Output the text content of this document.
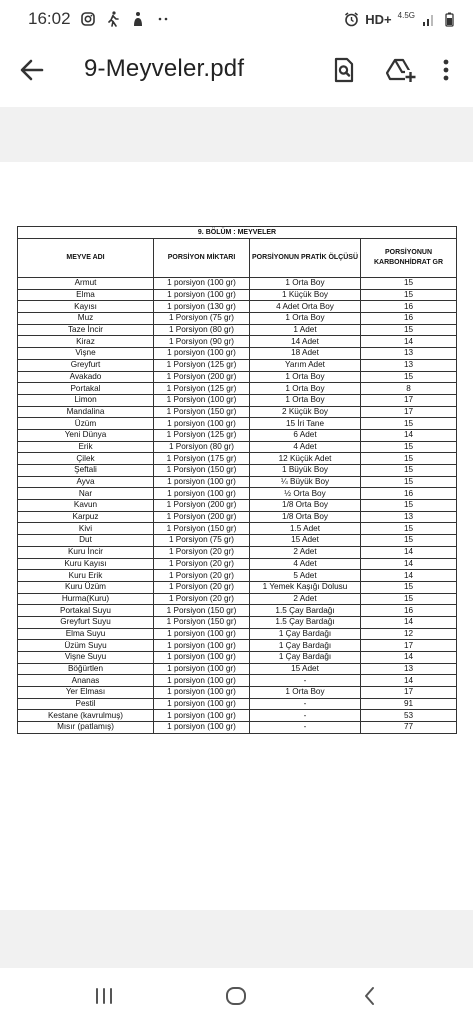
16:02	HD+ 4.5G
9-Meyveler.pdf
9. BÖLÜM : MEYVELER			
MEYVE ADI	PORSİYON MİKTARI	PORSİYONUN PRATİK ÖLÇÜSÜ	PORSİYONUN KARBONHİDRAT GR
Armut	1 porsiyon (100 gr)	1 Orta Boy	15
Elma	1 porsiyon (100 gr)	1 Küçük Boy	15
Kayısı	1 porsiyon (130 gr)	4 Adet Orta Boy	16
Muz	1 Porsiyon (75 gr)	1 Orta Boy	16
Taze İncir	1 Porsiyon (80 gr)	1 Adet	15
Kiraz	1 Porsiyon (90 gr)	14 Adet	14
Vişne	1 porsiyon (100 gr)	18 Adet	13
Greyfurt	1 Porsiyon (125 gr)	Yarım Adet	13
Avakado	1 Porsiyon (200 gr)	1 Orta Boy	15
Portakal	1 Porsiyon (125 gr)	1 Orta Boy	8
Limon	1 Porsiyon (100 gr)	1 Orta Boy	17
Mandalina	1 Porsiyon (150 gr)	2 Küçük Boy	17
Üzüm	1 porsiyon (100 gr)	15 İri Tane	15
Yeni Dünya	1 Porsiyon (125 gr)	6 Adet	14
Erik	1 Porsiyon (80 gr)	4 Adet	15
Çilek	1 Porsiyon (175 gr)	12 Küçük Adet	15
Şeftali	1 Porsiyon (150 gr)	1 Büyük Boy	15
Ayva	1 porsiyon (100 gr)	¼ Büyük Boy	15
Nar	1 porsiyon (100 gr)	½ Orta Boy	16
Kavun	1 Porsiyon (200 gr)	1/8 Orta Boy	15
Karpuz	1 Porsiyon (200 gr)	1/8 Orta Boy	13
Kivi	1 Porsiyon (150 gr)	1.5 Adet	15
Dut	1 Porsiyon (75 gr)	15 Adet	15
Kuru İncir	1 Porsiyon (20 gr)	2 Adet	14
Kuru Kayısı	1 Porsiyon (20 gr)	4 Adet	14
Kuru Erik	1 Porsiyon (20 gr)	5 Adet	14
Kuru Üzüm	1 Porsiyon (20 gr)	1 Yemek Kaşığı Dolusu	15
Hurma(Kuru)	1 Porsiyon (20 gr)	2 Adet	15
Portakal Suyu	1 Porsiyon (150 gr)	1.5 Çay Bardağı	16
Greyfurt Suyu	1 Porsiyon (150 gr)	1.5 Çay Bardağı	14
Elma Suyu	1 porsiyon (100 gr)	1 Çay Bardağı	12
Üzüm Suyu	1 porsiyon (100 gr)	1 Çay Bardağı	17
Vişne Suyu	1 porsiyon (100 gr)	1 Çay Bardağı	14
Böğürtlen	1 porsiyon (100 gr)	15 Adet	13
Ananas	1 porsiyon (100 gr)	-	14
Yer Elması	1 porsiyon (100 gr)	1 Orta Boy	17
Pestil	1 porsiyon (100 gr)	-	91
Kestane (kavrulmuş)	1 porsiyon (100 gr)	-	53
Mısır (patlamış)	1 porsiyon (100 gr)	-	77
